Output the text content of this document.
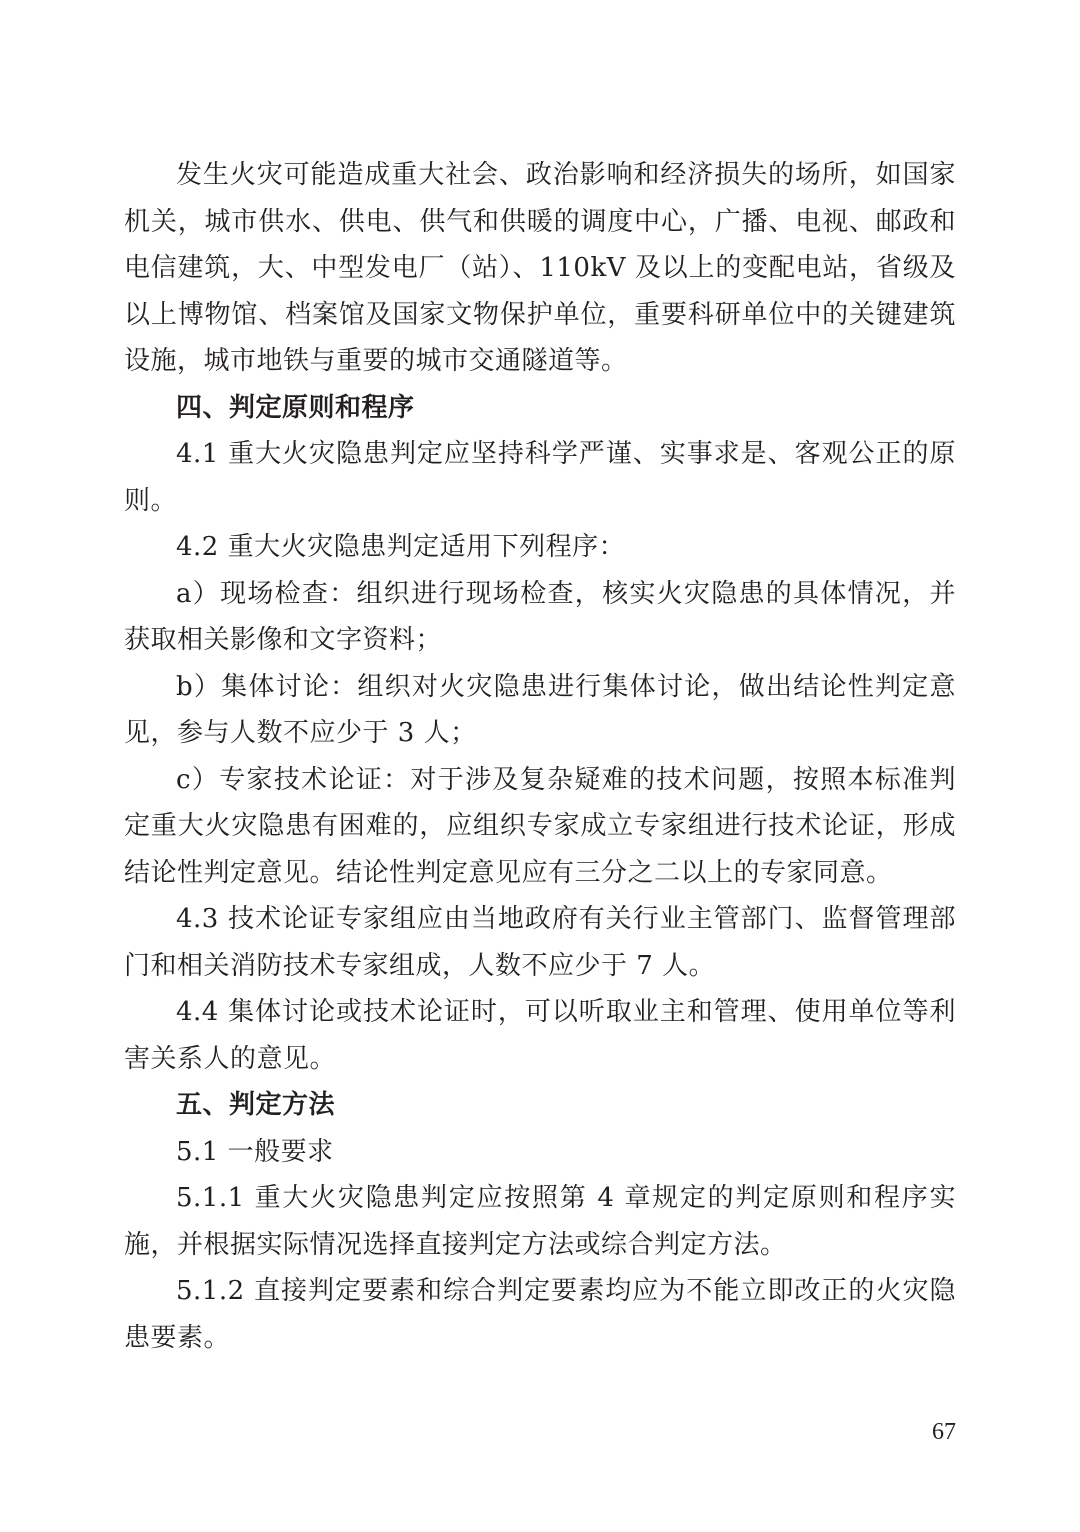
发生火灾可能造成重大社会、政治影响和经济损失的场所，如国家机关，城市供水、供电、供气和供暖的调度中心，广播、电视、邮政和电信建筑，大、中型发电厂（站）、110kV 及以上的变配电站，省级及以上博物馆、档案馆及国家文物保护单位，重要科研单位中的关键建筑设施，城市地铁与重要的城市交通隧道等。

四、判定原则和程序

4.1 重大火灾隐患判定应坚持科学严谨、实事求是、客观公正的原则。

4.2 重大火灾隐患判定适用下列程序：

a）现场检查：组织进行现场检查，核实火灾隐患的具体情况，并获取相关影像和文字资料；

b）集体讨论：组织对火灾隐患进行集体讨论，做出结论性判定意见，参与人数不应少于 3 人；

c）专家技术论证：对于涉及复杂疑难的技术问题，按照本标准判定重大火灾隐患有困难的，应组织专家成立专家组进行技术论证，形成结论性判定意见。结论性判定意见应有三分之二以上的专家同意。

4.3 技术论证专家组应由当地政府有关行业主管部门、监督管理部门和相关消防技术专家组成，人数不应少于 7 人。

4.4 集体讨论或技术论证时，可以听取业主和管理、使用单位等利害关系人的意见。

五、判定方法

5.1 一般要求

5.1.1 重大火灾隐患判定应按照第 4 章规定的判定原则和程序实施，并根据实际情况选择直接判定方法或综合判定方法。

5.1.2 直接判定要素和综合判定要素均应为不能立即改正的火灾隐患要素。

67
